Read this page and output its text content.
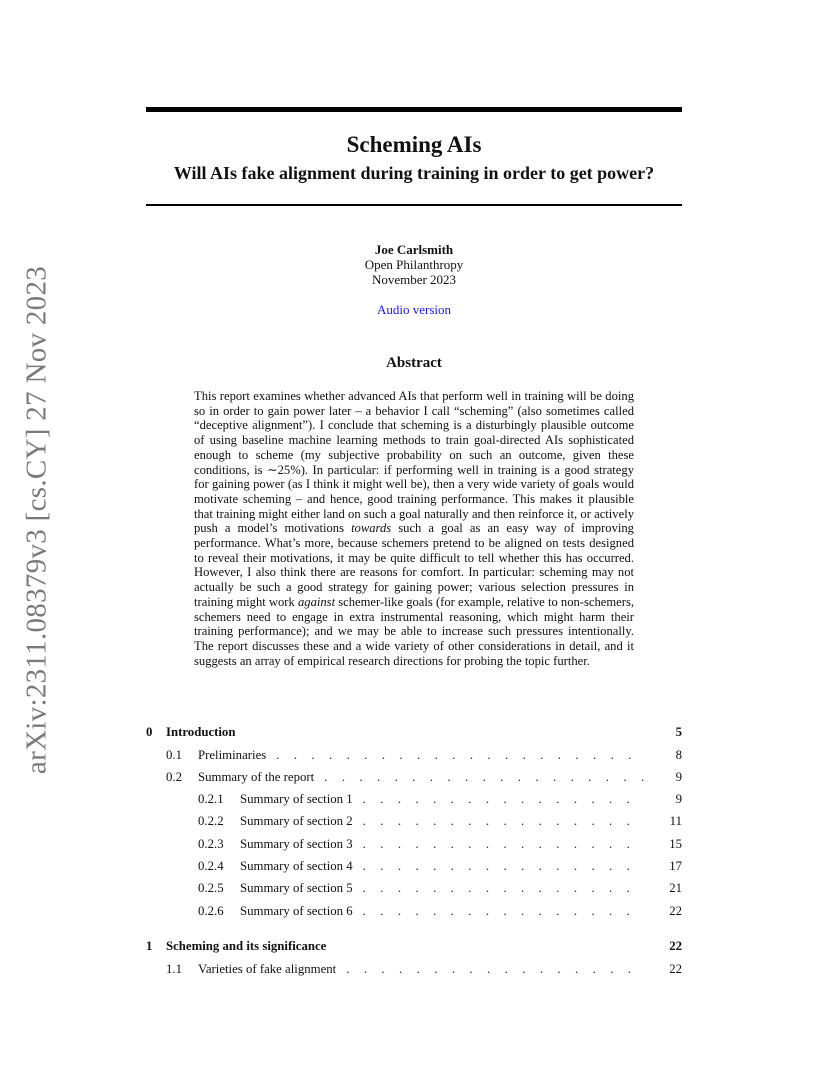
arXiv:2311.08379v3 [cs.CY] 27 Nov 2023
Scheming AIs
Will AIs fake alignment during training in order to get power?
Joe Carlsmith
Open Philanthropy
November 2023
Audio version
Abstract
This report examines whether advanced AIs that perform well in training will be doing so in order to gain power later – a behavior I call “scheming” (also sometimes called “deceptive alignment”). I conclude that scheming is a disturbingly plausible outcome of using baseline machine learning methods to train goal-directed AIs sophisticated enough to scheme (my subjective probability on such an outcome, given these conditions, is ∼25%). In particular: if performing well in training is a good strategy for gaining power (as I think it might well be), then a very wide variety of goals would motivate scheming – and hence, good training performance. This makes it plausible that training might either land on such a goal naturally and then reinforce it, or actively push a model’s motivations towards such a goal as an easy way of improving performance. What’s more, because schemers pretend to be aligned on tests designed to reveal their motivations, it may be quite difficult to tell whether this has occurred. However, I also think there are reasons for comfort. In particular: scheming may not actually be such a good strategy for gaining power; various selection pressures in training might work against schemer-like goals (for example, relative to non-schemers, schemers need to engage in extra instrumental reasoning, which might harm their training performance); and we may be able to increase such pressures intentionally. The report discusses these and a wide variety of other considerations in detail, and it suggests an array of empirical research directions for probing the topic further.
0	Introduction	5
0.1	Preliminaries . . .	8
0.2	Summary of the report . . .	9
0.2.1	Summary of section 1 . . .	9
0.2.2	Summary of section 2 . . .	11
0.2.3	Summary of section 3 . . .	15
0.2.4	Summary of section 4 . . .	17
0.2.5	Summary of section 5 . . .	21
0.2.6	Summary of section 6 . . .	22
1	Scheming and its significance	22
1.1	Varieties of fake alignment . . .	22
